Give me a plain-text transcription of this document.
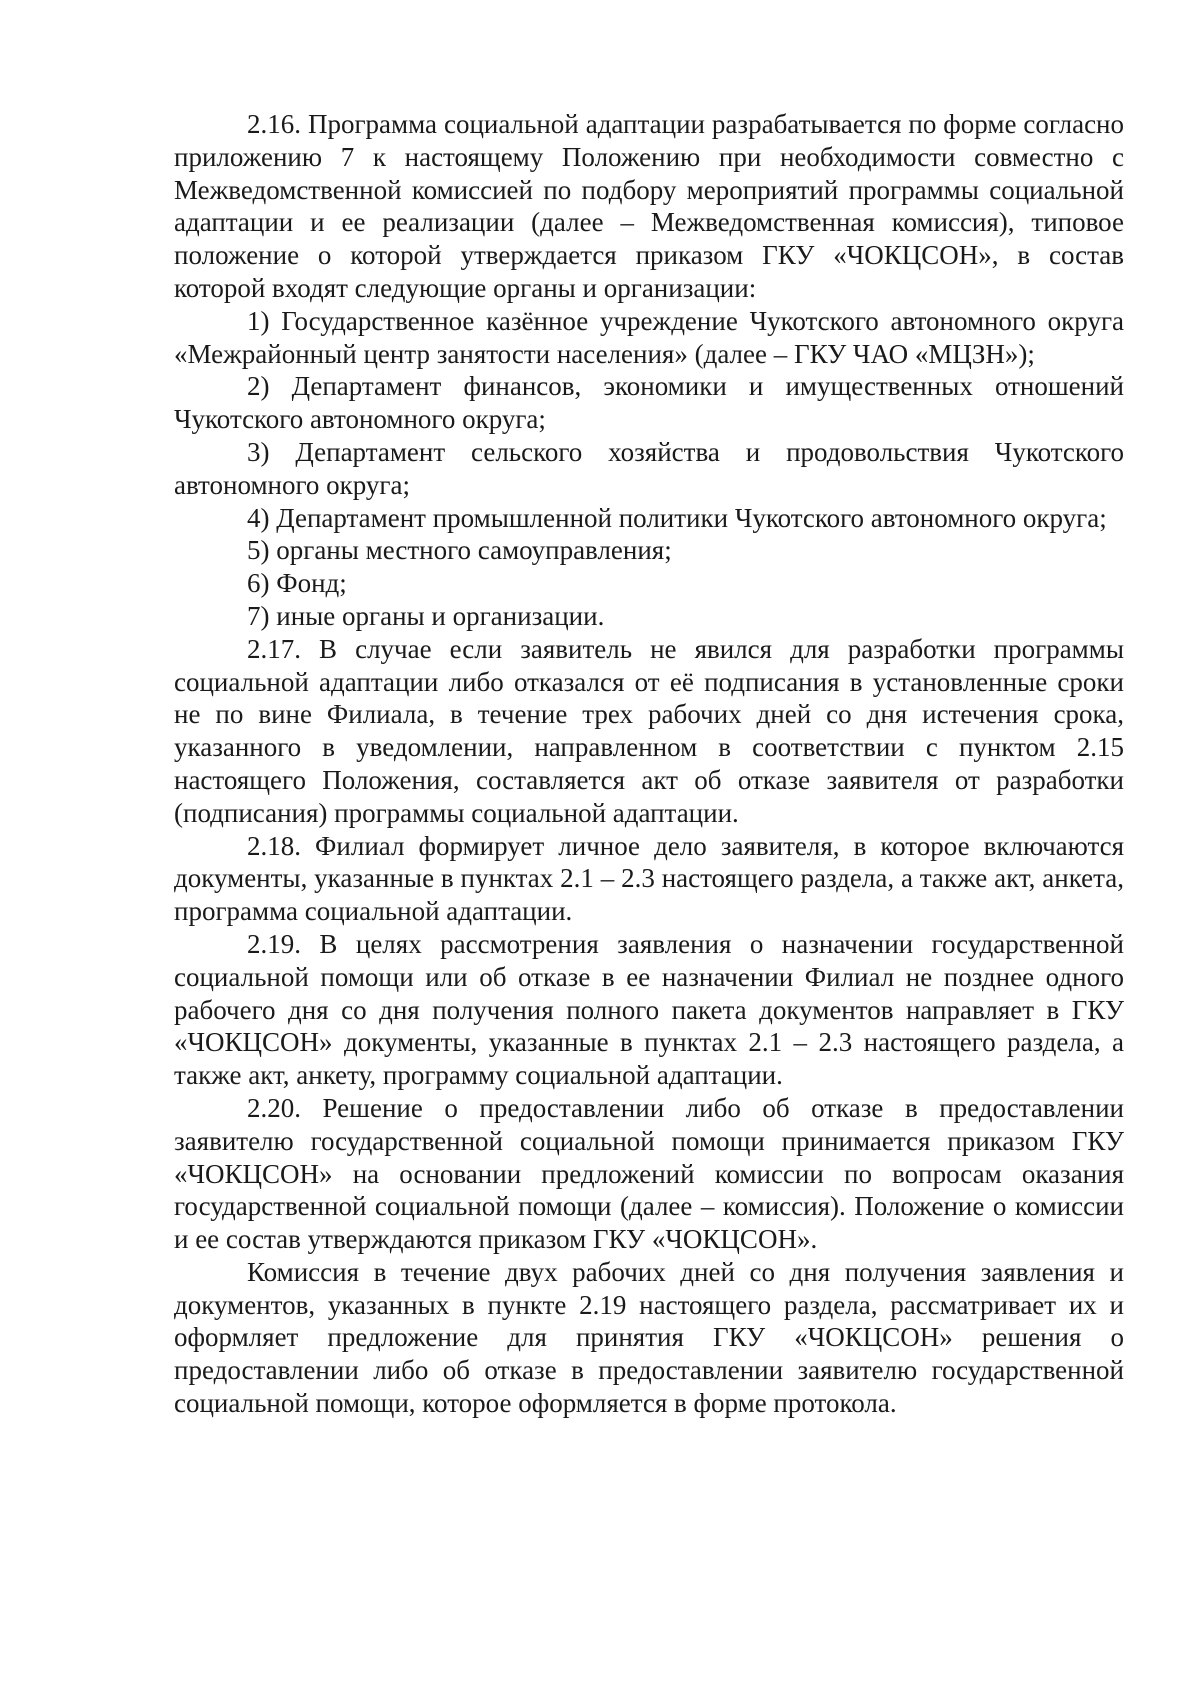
2.16. Программа социальной адаптации разрабатывается по форме согласно приложению 7 к настоящему Положению при необходимости совместно с Межведомственной комиссией по подбору мероприятий программы социальной адаптации и ее реализации (далее – Межведомственная комиссия), типовое положение о которой утверждается приказом ГКУ «ЧОКЦСОН», в состав которой входят следующие органы и организации:

1) Государственное казённое учреждение Чукотского автономного округа «Межрайонный центр занятости населения» (далее – ГКУ ЧАО «МЦЗН»);

2) Департамент финансов, экономики и имущественных отношений Чукотского автономного округа;

3) Департамент сельского хозяйства и продовольствия Чукотского автономного округа;

4) Департамент промышленной политики Чукотского автономного округа;

5) органы местного самоуправления;

6) Фонд;

7) иные органы и организации.

2.17. В случае если заявитель не явился для разработки программы социальной адаптации либо отказался от её подписания в установленные сроки не по вине Филиала, в течение трех рабочих дней со дня истечения срока, указанного в уведомлении, направленном в соответствии с пунктом 2.15 настоящего Положения, составляется акт об отказе заявителя от разработки (подписания) программы социальной адаптации.

2.18. Филиал формирует личное дело заявителя, в которое включаются документы, указанные в пунктах 2.1 – 2.3 настоящего раздела, а также акт, анкета, программа социальной адаптации.

2.19. В целях рассмотрения заявления о назначении государственной социальной помощи или об отказе в ее назначении Филиал не позднее одного рабочего дня со дня получения полного пакета документов направляет в ГКУ «ЧОКЦСОН» документы, указанные в пунктах 2.1 – 2.3 настоящего раздела, а также акт, анкету, программу социальной адаптации.

2.20. Решение о предоставлении либо об отказе в предоставлении заявителю государственной социальной помощи принимается приказом ГКУ «ЧОКЦСОН» на основании предложений комиссии по вопросам оказания государственной социальной помощи (далее – комиссия). Положение о комиссии и ее состав утверждаются приказом ГКУ «ЧОКЦСОН».

Комиссия в течение двух рабочих дней со дня получения заявления и документов, указанных в пункте 2.19 настоящего раздела, рассматривает их и оформляет предложение для принятия ГКУ «ЧОКЦСОН» решения о предоставлении либо об отказе в предоставлении заявителю государственной социальной помощи, которое оформляется в форме протокола.
